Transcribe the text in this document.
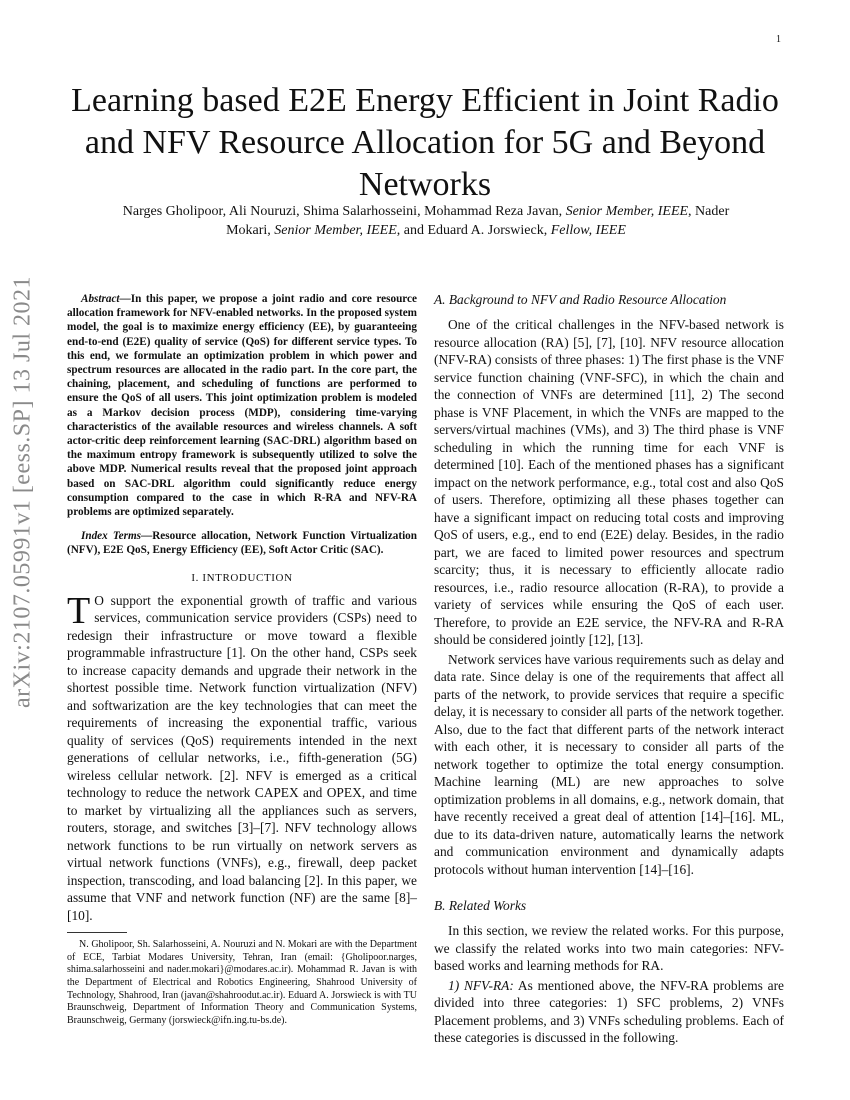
1
arXiv:2107.05991v1 [eess.SP] 13 Jul 2021
Learning based E2E Energy Efficient in Joint Radio and NFV Resource Allocation for 5G and Beyond Networks
Narges Gholipoor, Ali Nouruzi, Shima Salarhosseini, Mohammad Reza Javan, Senior Member, IEEE, Nader Mokari, Senior Member, IEEE, and Eduard A. Jorswieck, Fellow, IEEE

Abstract—In this paper, we propose a joint radio and core resource allocation framework for NFV-enabled networks. In the proposed system model, the goal is to maximize energy efficiency (EE), by guaranteeing end-to-end (E2E) quality of service (QoS) for different service types. To this end, we formulate an optimization problem in which power and spectrum resources are allocated in the radio part. In the core part, the chaining, placement, and scheduling of functions are performed to ensure the QoS of all users. This joint optimization problem is modeled as a Markov decision process (MDP), considering time-varying characteristics of the available resources and wireless channels. A soft actor-critic deep reinforcement learning (SAC-DRL) algorithm based on the maximum entropy framework is subsequently utilized to solve the above MDP. Numerical results reveal that the proposed joint approach based on SAC-DRL algorithm could significantly reduce energy consumption compared to the case in which R-RA and NFV-RA problems are optimized separately.

Index Terms—Resource allocation, Network Function Virtualization (NFV), E2E QoS, Energy Efficiency (EE), Soft Actor Critic (SAC).

I. INTRODUCTION

T O support the exponential growth of traffic and various services, communication service providers (CSPs) need to redesign their infrastructure or move toward a flexible programmable infrastructure [1]. On the other hand, CSPs seek to increase capacity demands and upgrade their network in the shortest possible time. Network function virtualization (NFV) and softwarization are the key technologies that can meet the requirements of increasing the exponential traffic, various quality of services (QoS) requirements intended in the next generations of cellular networks, i.e., fifth-generation (5G) wireless cellular network. [2]. NFV is emerged as a critical technology to reduce the network CAPEX and OPEX, and time to market by virtualizing all the appliances such as servers, routers, storage, and switches [3]–[7]. NFV technology allows network functions to be run virtually on network servers as virtual network functions (VNFs), e.g., firewall, deep packet inspection, transcoding, and load balancing [2]. In this paper, we assume that VNF and network function (NF) are the same [8]–[10].

N. Gholipoor, Sh. Salarhosseini, A. Nouruzi and N. Mokari are with the Department of ECE, Tarbiat Modares University, Tehran, Iran (email: {Gholipoor.narges, shima.salarhosseini and nader.mokari}@modares.ac.ir). Mohammad R. Javan is with the Department of Electrical and Robotics Engineering, Shahrood University of Technology, Shahrood, Iran (javan@shahroodut.ac.ir). Eduard A. Jorswieck is with TU Braunschweig, Department of Information Theory and Communication Systems, Braunschweig, Germany (jorswieck@ifn.ing.tu-bs.de).

A. Background to NFV and Radio Resource Allocation

One of the critical challenges in the NFV-based network is resource allocation (RA) [5], [7], [10]. NFV resource allocation (NFV-RA) consists of three phases: 1) The first phase is the VNF service function chaining (VNF-SFC), in which the chain and the connection of VNFs are determined [11], 2) The second phase is VNF Placement, in which the VNFs are mapped to the servers/virtual machines (VMs), and 3) The third phase is VNF scheduling in which the running time for each VNF is determined [10]. Each of the mentioned phases has a significant impact on the network performance, e.g., total cost and also QoS of users. Therefore, optimizing all these phases together can have a significant impact on reducing total costs and improving QoS of users, e.g., end to end (E2E) delay. Besides, in the radio part, we are faced to limited power resources and spectrum scarcity; thus, it is necessary to efficiently allocate radio resources, i.e., radio resource allocation (R-RA), to provide a variety of services while ensuring the QoS of each user. Therefore, to provide an E2E service, the NFV-RA and R-RA should be considered jointly [12], [13].

Network services have various requirements such as delay and data rate. Since delay is one of the requirements that affect all parts of the network, to provide services that require a specific delay, it is necessary to consider all parts of the network together. Also, due to the fact that different parts of the network interact with each other, it is necessary to consider all parts of the network together to optimize the total energy consumption. Machine learning (ML) are new approaches to solve optimization problems in all domains, e.g., network domain, that have recently received a great deal of attention [14]–[16]. ML, due to its data-driven nature, automatically learns the network and communication environment and dynamically adapts protocols without human intervention [14]–[16].

B. Related Works

In this section, we review the related works. For this purpose, we classify the related works into two main categories: NFV-based works and learning methods for RA.

1) NFV-RA: As mentioned above, the NFV-RA problems are divided into three categories: 1) SFC problems, 2) VNFs Placement problems, and 3) VNFs scheduling problems. Each of these categories is discussed in the following.
